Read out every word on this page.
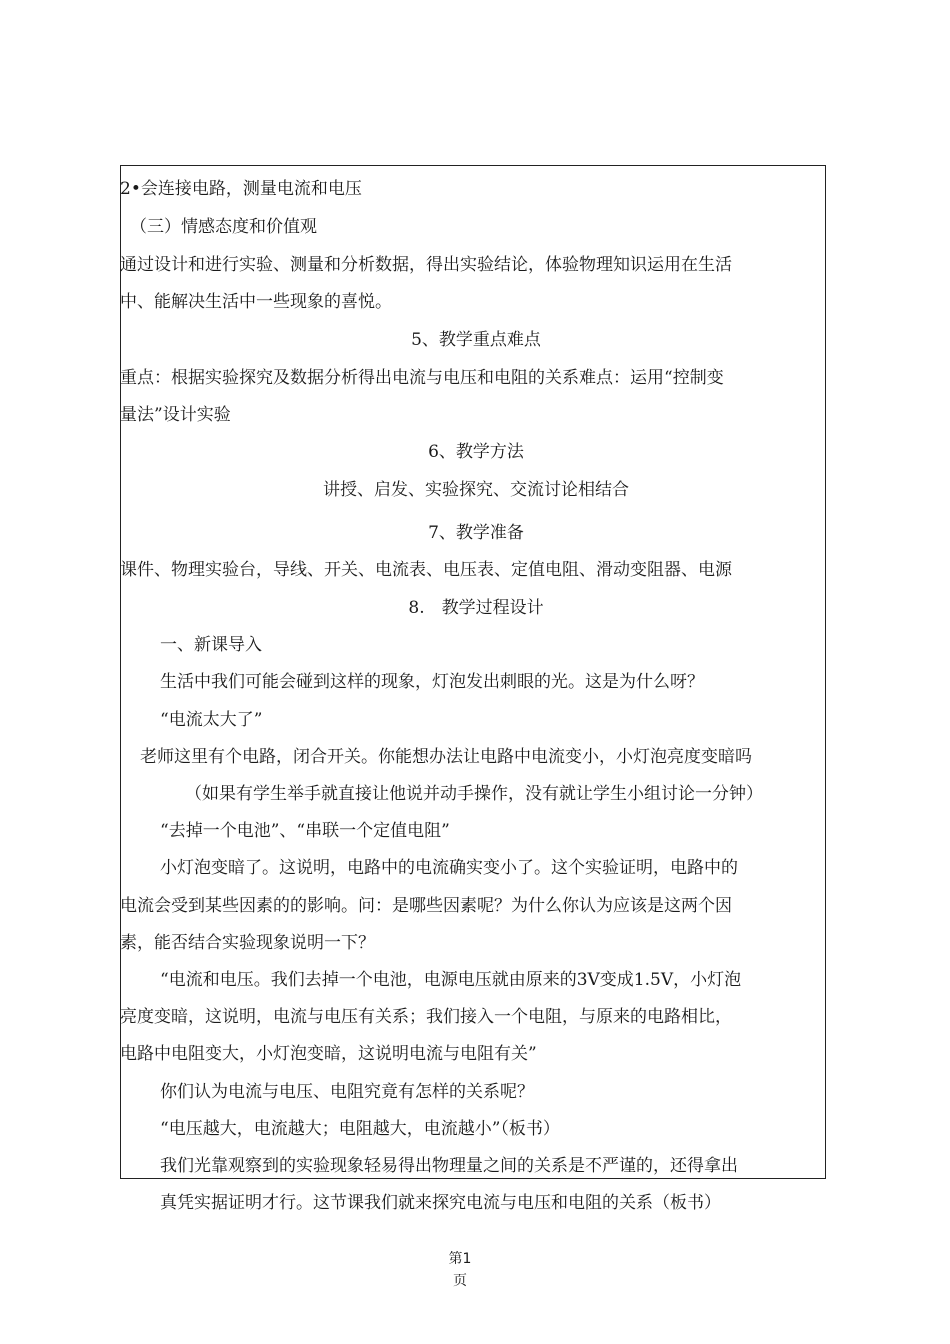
2•会连接电路，测量电流和电压
（三）情感态度和价值观
通过设计和进行实验、测量和分析数据，得出实验结论，体验物理知识运用在生活
中、能解决生活中一些现象的喜悦。
5、教学重点难点
重点：根据实验探究及数据分析得出电流与电压和电阻的关系难点：运用“控制变
量法”设计实验
6、教学方法
讲授、启发、实验探究、交流讨论相结合
7、教学准备
课件、物理实验台，导线、开关、电流表、电压表、定值电阻、滑动变阻器、电源
8.　教学过程设计
一、新课导入
生活中我们可能会碰到这样的现象，灯泡发出刺眼的光。这是为什么呀？
“电流太大了”
老师这里有个电路，闭合开关。你能想办法让电路中电流变小，小灯泡亮度变暗吗
（如果有学生举手就直接让他说并动手操作，没有就让学生小组讨论一分钟）
“去掉一个电池”、“串联一个定值电阻”
小灯泡变暗了。这说明，电路中的电流确实变小了。这个实验证明，电路中的
电流会受到某些因素的的影响。问：是哪些因素呢？为什么你认为应该是这两个因
素，能否结合实验现象说明一下？
“电流和电压。我们去掉一个电池，电源电压就由原来的3V变成1.5V，小灯泡
亮度变暗，这说明，电流与电压有关系；我们接入一个电阻，与原来的电路相比，
电路中电阻变大，小灯泡变暗，这说明电流与电阻有关”
你们认为电流与电压、电阻究竟有怎样的关系呢？
“电压越大，电流越大；电阻越大，电流越小”（板书）
我们光靠观察到的实验现象轻易得出物理量之间的关系是不严谨的，还得拿出
真凭实据证明才行。这节课我们就来探究电流与电压和电阻的关系（板书）
第1
页
